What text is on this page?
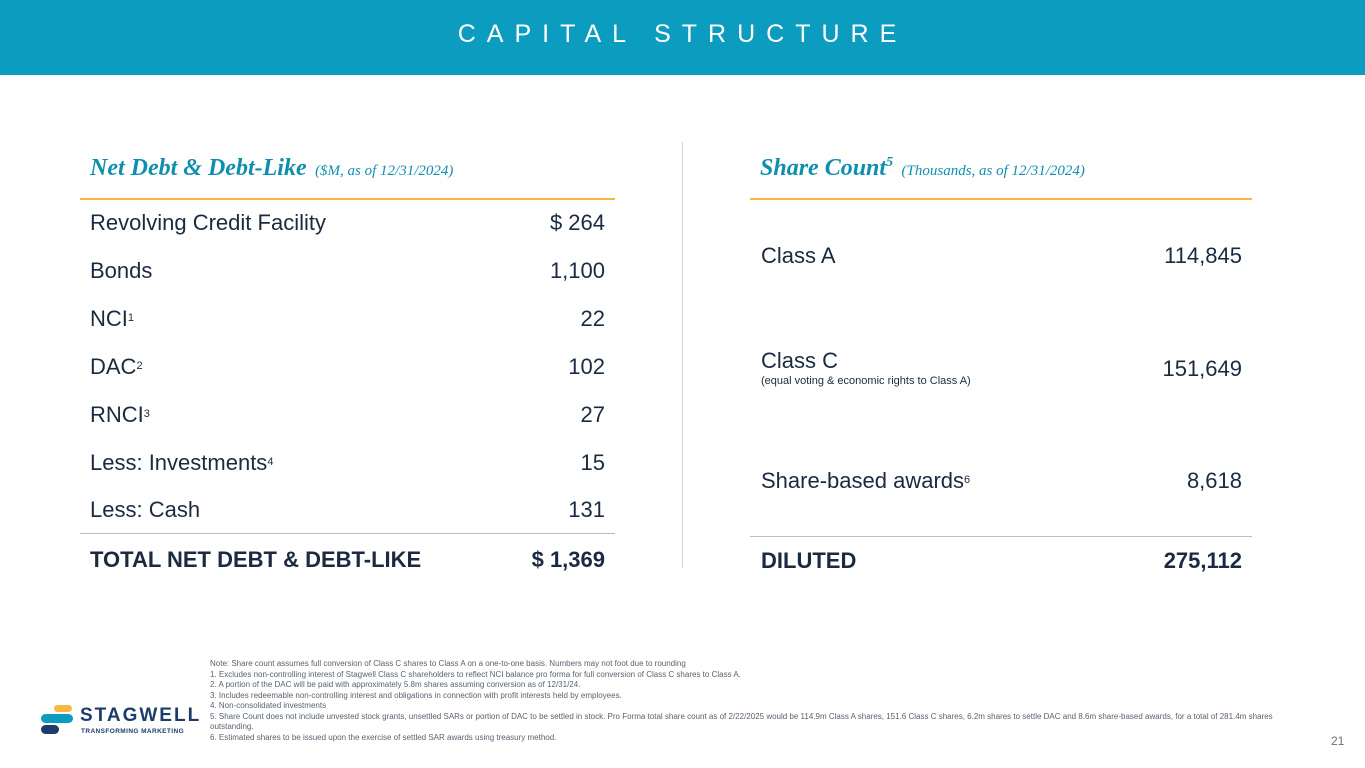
CAPITAL STRUCTURE
Net Debt & Debt-Like ($M, as of 12/31/2024)
Revolving Credit Facility	$ 264
Bonds	1,100
NCI$^1$	22
DAC$^2$	102
RNCI$^3$	27
Less: Investments$^4$	15
Less: Cash	131
TOTAL NET DEBT & DEBT-LIKE	$ 1,369
Share Count$^5$ (Thousands, as of 12/31/2024)
Class A	114,845
Class C
(equal voting & economic rights to Class A)	151,649
Share-based awards$^6$	8,618
DILUTED	275,112
Note: Share count assumes full conversion of Class C shares to Class A on a one-to-one basis. Numbers may not foot due to rounding
1. Excludes non-controlling interest of Stagwell Class C shareholders to reflect NCI balance pro forma for full conversion of Class C shares to Class A.
2. A portion of the DAC will be paid with approximately 5.8m shares assuming conversion as of 12/31/24.
3. Includes redeemable non-controlling interest and obligations in connection with profit interests held by employees.
4. Non-consolidated investments
5. Share Count does not include unvested stock grants, unsettled SARs or portion of DAC to be settled in stock. Pro Forma total share count as of 2/22/2025 would be 114.9m Class A shares, 151.6 Class C shares, 6.2m shares to settle DAC and 8.6m share-based awards, for a total of 281.4m shares outstanding.
6. Estimated shares to be issued upon the exercise of settled SAR awards using treasury method.
STAGWELL
TRANSFORMING MARKETING
21
